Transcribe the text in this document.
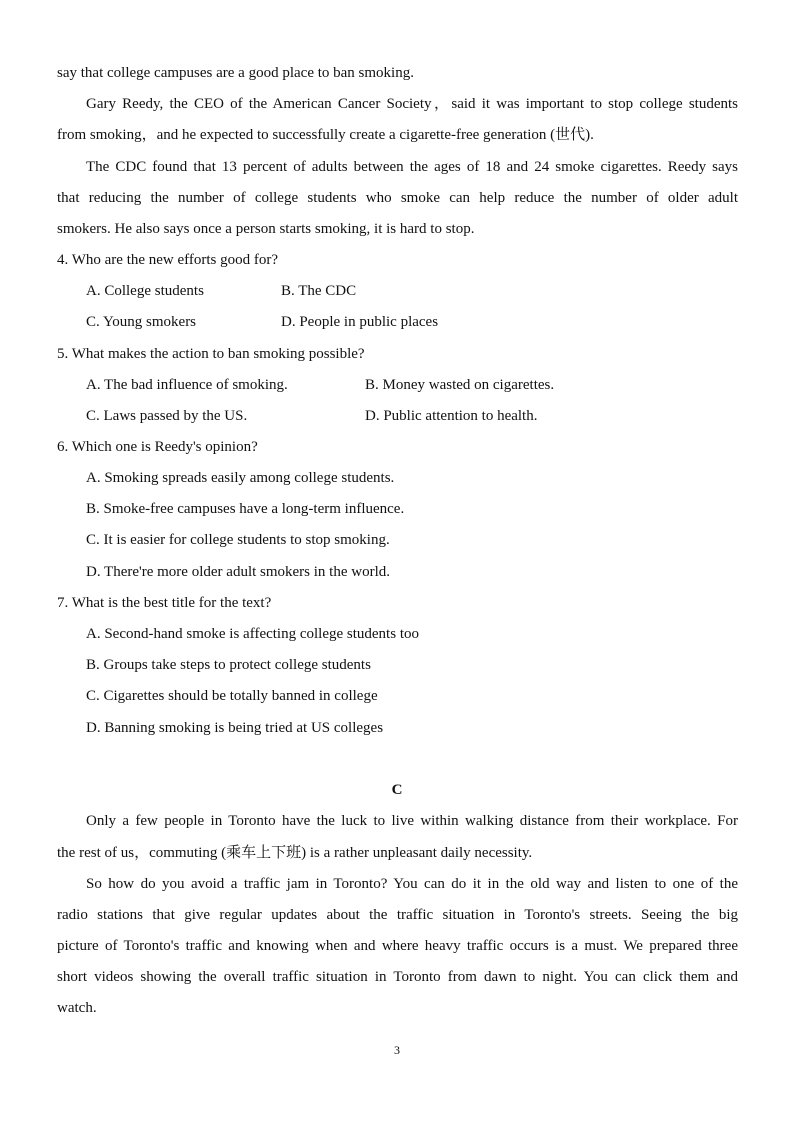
say that college campuses are a good place to ban smoking.
Gary Reedy, the CEO of the American Cancer Society，said it was important to stop college students
from smoking，and he expected to successfully create a cigarette-free generation (世代).
The CDC found that 13 percent of adults between the ages of 18 and 24 smoke cigarettes. Reedy says
that reducing the number of college students who smoke can help reduce the number of older adult
smokers. He also says once a person starts smoking, it is hard to stop.
4. Who are the new efforts good for?
A. College students	B. The CDC
C. Young smokers	D. People in public places
5. What makes the action to ban smoking possible?
A. The bad influence of smoking.	B. Money wasted on cigarettes.
C. Laws passed by the US.	D. Public attention to health.
6. Which one is Reedy's opinion?
A. Smoking spreads easily among college students.
B. Smoke-free campuses have a long-term influence.
C. It is easier for college students to stop smoking.
D. There're more older adult smokers in the world.
7. What is the best title for the text?
A. Second-hand smoke is affecting college students too
B. Groups take steps to protect college students
C. Cigarettes should be totally banned in college
D. Banning smoking is being tried at US colleges
C
Only a few people in Toronto have the luck to live within walking distance from their workplace. For
the rest of us，commuting (乘车上下班) is a rather unpleasant daily necessity.
So how do you avoid a traffic jam in Toronto? You can do it in the old way and listen to one of the
radio stations that give regular updates about the traffic situation in Toronto's streets. Seeing the big
picture of Toronto's traffic and knowing when and where heavy traffic occurs is a must. We prepared three
short videos showing the overall traffic situation in Toronto from dawn to night. You can click them and
watch.
3
